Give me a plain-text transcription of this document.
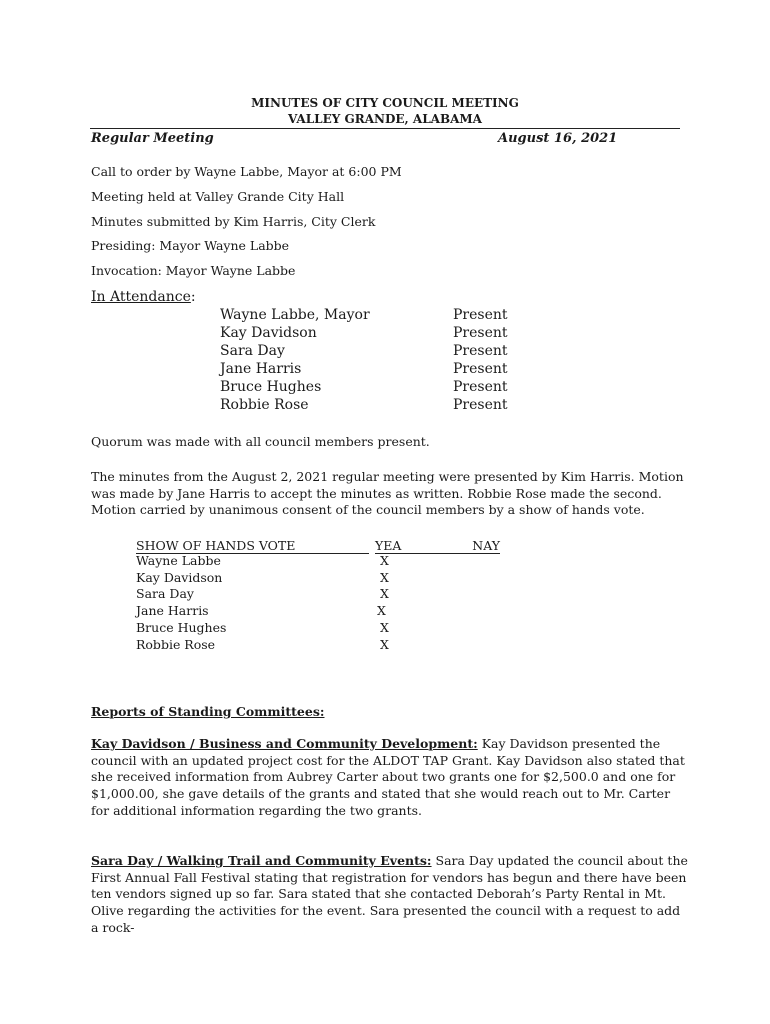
MINUTES OF CITY COUNCIL MEETING
VALLEY GRANDE, ALABAMA
Regular Meeting	August 16, 2021
Call to order by Wayne Labbe, Mayor at 6:00 PM
Meeting held at Valley Grande City Hall
Minutes submitted by Kim Harris, City Clerk
Presiding: Mayor Wayne Labbe
Invocation: Mayor Wayne Labbe
In Attendance:
Wayne Labbe, Mayor	Present
Kay Davidson	Present
Sara Day	Present
Jane Harris	Present
Bruce Hughes	Present
Robbie Rose	Present
Quorum was made with all council members present.
The minutes from the August 2, 2021 regular meeting were presented by Kim Harris. Motion was made by Jane Harris to accept the minutes as written. Robbie Rose made the second. Motion carried by unanimous consent of the council members by a show of hands vote.
SHOW OF HANDS VOTE	YEA	NAY
Wayne Labbe	X
Kay Davidson	X
Sara Day	X
Jane Harris	X
Bruce Hughes	X
Robbie Rose	X
Reports of Standing Committees:
Kay Davidson / Business and Community Development: Kay Davidson presented the council with an updated project cost for the ALDOT TAP Grant. Kay Davidson also stated that she received information from Aubrey Carter about two grants one for $2,500.0 and one for $1,000.00, she gave details of the grants and stated that she would reach out to Mr. Carter for additional information regarding the two grants.
Sara Day / Walking Trail and Community Events: Sara Day updated the council about the First Annual Fall Festival stating that registration for vendors has begun and there have been ten vendors signed up so far. Sara stated that she contacted Deborah’s Party Rental in Mt. Olive regarding the activities for the event. Sara presented the council with a request to add a rock-
